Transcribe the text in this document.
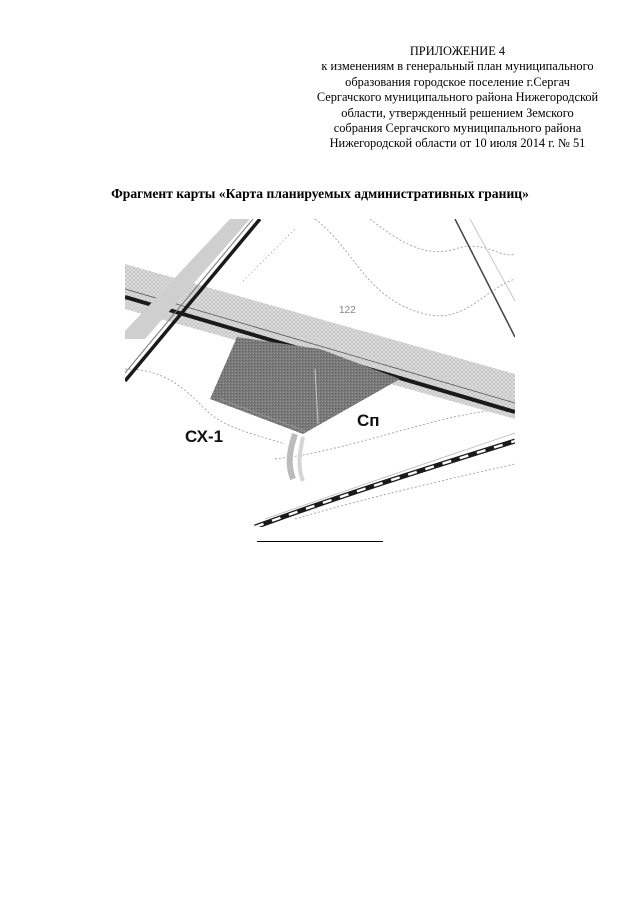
ПРИЛОЖЕНИЕ 4
к изменениям в генеральный план муниципального
образования городское поселение г.Сергач
Сергачского муниципального района Нижегородской
области, утвержденный решением Земского
собрания Сергачского муниципального района
Нижегородской области от 10 июля 2014 г. № 51
Фрагмент карты «Карта планируемых административных границ»
122
СХ-1
Сп
